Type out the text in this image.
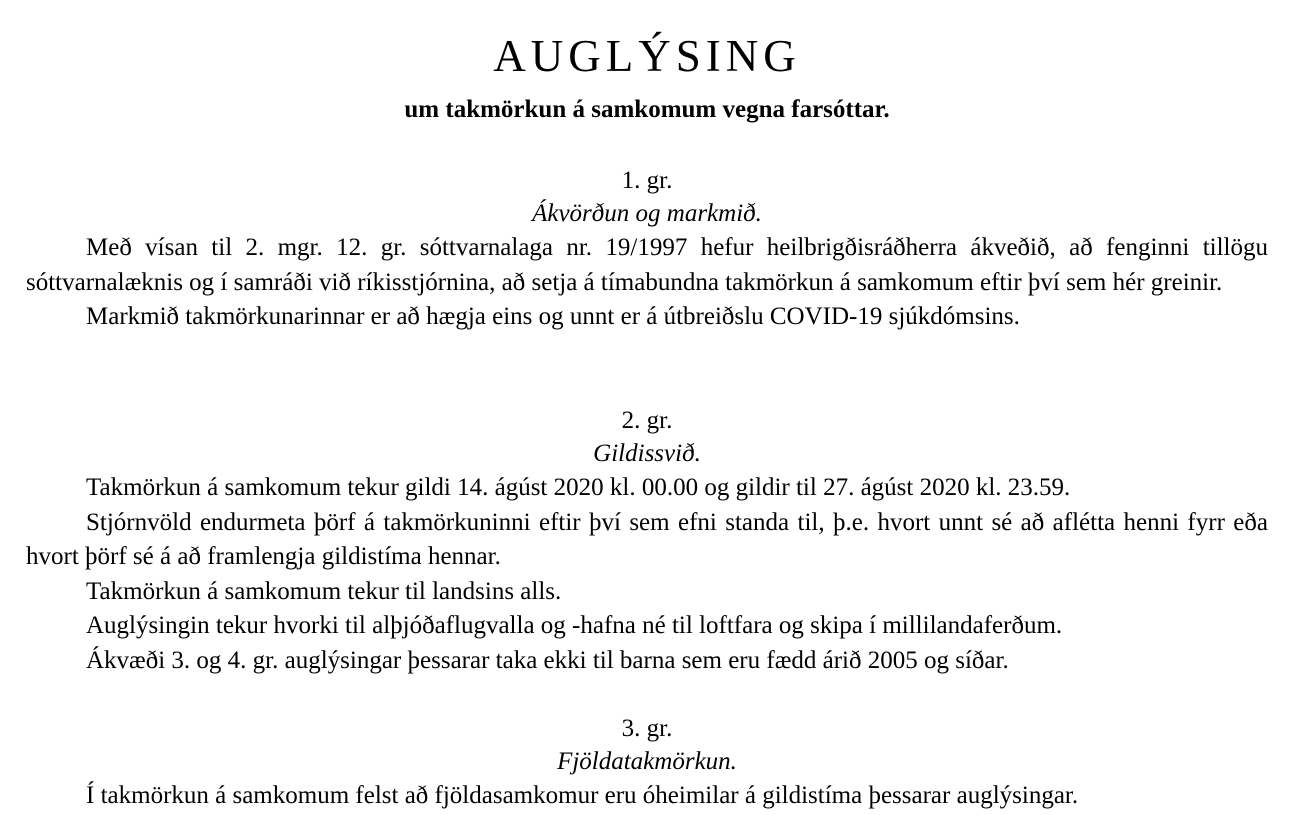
AUGLÝSING
um takmörkun á samkomum vegna farsóttar.
1. gr.
Ákvörðun og markmið.

Með vísan til 2. mgr. 12. gr. sóttvarnalaga nr. 19/1997 hefur heilbrigðisráðherra ákveðið, að fenginni tillögu sóttvarnalæknis og í samráði við ríkisstjórnina, að setja á tímabundna takmörkun á samkomum eftir því sem hér greinir.

Markmið takmörkunarinnar er að hægja eins og unnt er á útbreiðslu COVID-19 sjúkdómsins.

2. gr.
Gildissvið.

Takmörkun á samkomum tekur gildi 14. ágúst 2020 kl. 00.00 og gildir til 27. ágúst 2020 kl. 23.59.

Stjórnvöld endurmeta þörf á takmörkuninni eftir því sem efni standa til, þ.e. hvort unnt sé að aflétta henni fyrr eða hvort þörf sé á að framlengja gildistíma hennar.

Takmörkun á samkomum tekur til landsins alls.

Auglýsingin tekur hvorki til alþjóðaflugvalla og -hafna né til loftfara og skipa í millilandaferðum.

Ákvæði 3. og 4. gr. auglýsingar þessarar taka ekki til barna sem eru fædd árið 2005 og síðar.

3. gr.
Fjöldatakmörkun.

Í takmörkun á samkomum felst að fjöldasamkomur eru óheimilar á gildistíma þessarar auglýsingar.
